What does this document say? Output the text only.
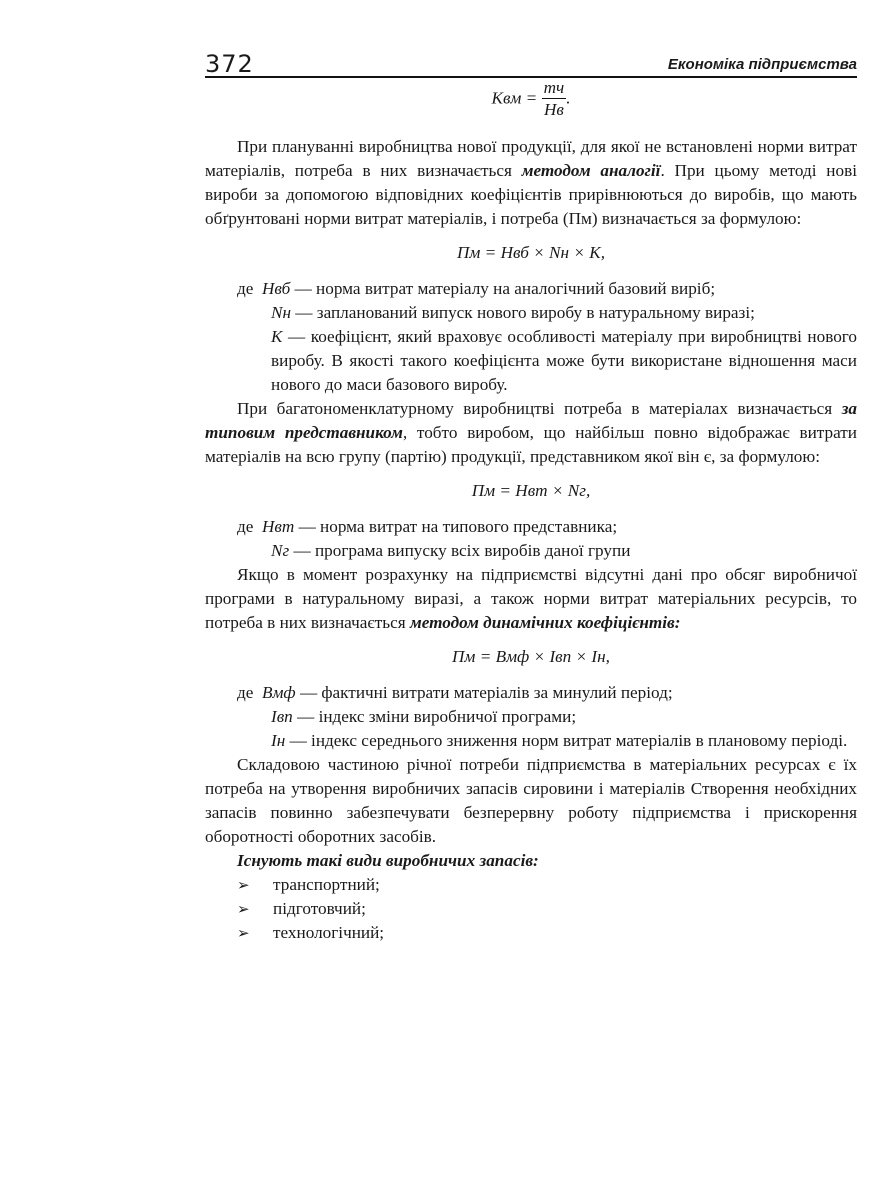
372	Економіка підприємства
Kвм = $\frac{mч}{Hв}$ .

При плануванні виробництва нової продукції, для якої не встановлені норми витрат матеріалів, потреба в них визначається методом аналогії. При цьому методі нові вироби за допомогою відповідних коефіцієнтів прирівнюються до виробів, що мають обґрунтовані норми витрат матеріалів, і потреба (Пм) визначається за формулою:

Пм = Hвб × Nн × K,

де Hвб — норма витрат матеріалу на аналогічний базовий виріб;

Nн — запланований випуск нового виробу в натуральному виразі;

K — коефіцієнт, який враховує особливості матеріалу при виробництві нового виробу. В якості такого коефіцієнта може бути використане відношення маси нового до маси базового виробу.

При багатономенклатурному виробництві потреба в матеріалах визначається за типовим представником, тобто виробом, що найбільш повно відображає витрати матеріалів на всю групу (партію) продукції, представником якої він є, за формулою:

Пм = Hвт × Nг,

де Hвт — норма витрат на типового представника;

Nг — програма випуску всіх виробів даної групи

Якщо в момент розрахунку на підприємстві відсутні дані про обсяг виробничої програми в натуральному виразі, а також норми витрат матеріальних ресурсів, то потреба в них визначається методом динамічних коефіцієнтів:

Пм = Bмф × Iвп × Iн,

де Bмф — фактичні витрати матеріалів за минулий період;

Iвп — індекс зміни виробничої програми;

Iн — індекс середнього зниження норм витрат матеріалів в плановому періоді.

Складовою частиною річної потреби підприємства в матеріальних ресурсах є їх потреба на утворення виробничих запасів сировини і матеріалів Створення необхідних запасів повинно забезпечувати безперервну роботу підприємства і прискорення оборотності оборотних засобів.

Існують такі види виробничих запасів:

➢ транспортний;
➢ підготовчий;
➢ технологічний;
